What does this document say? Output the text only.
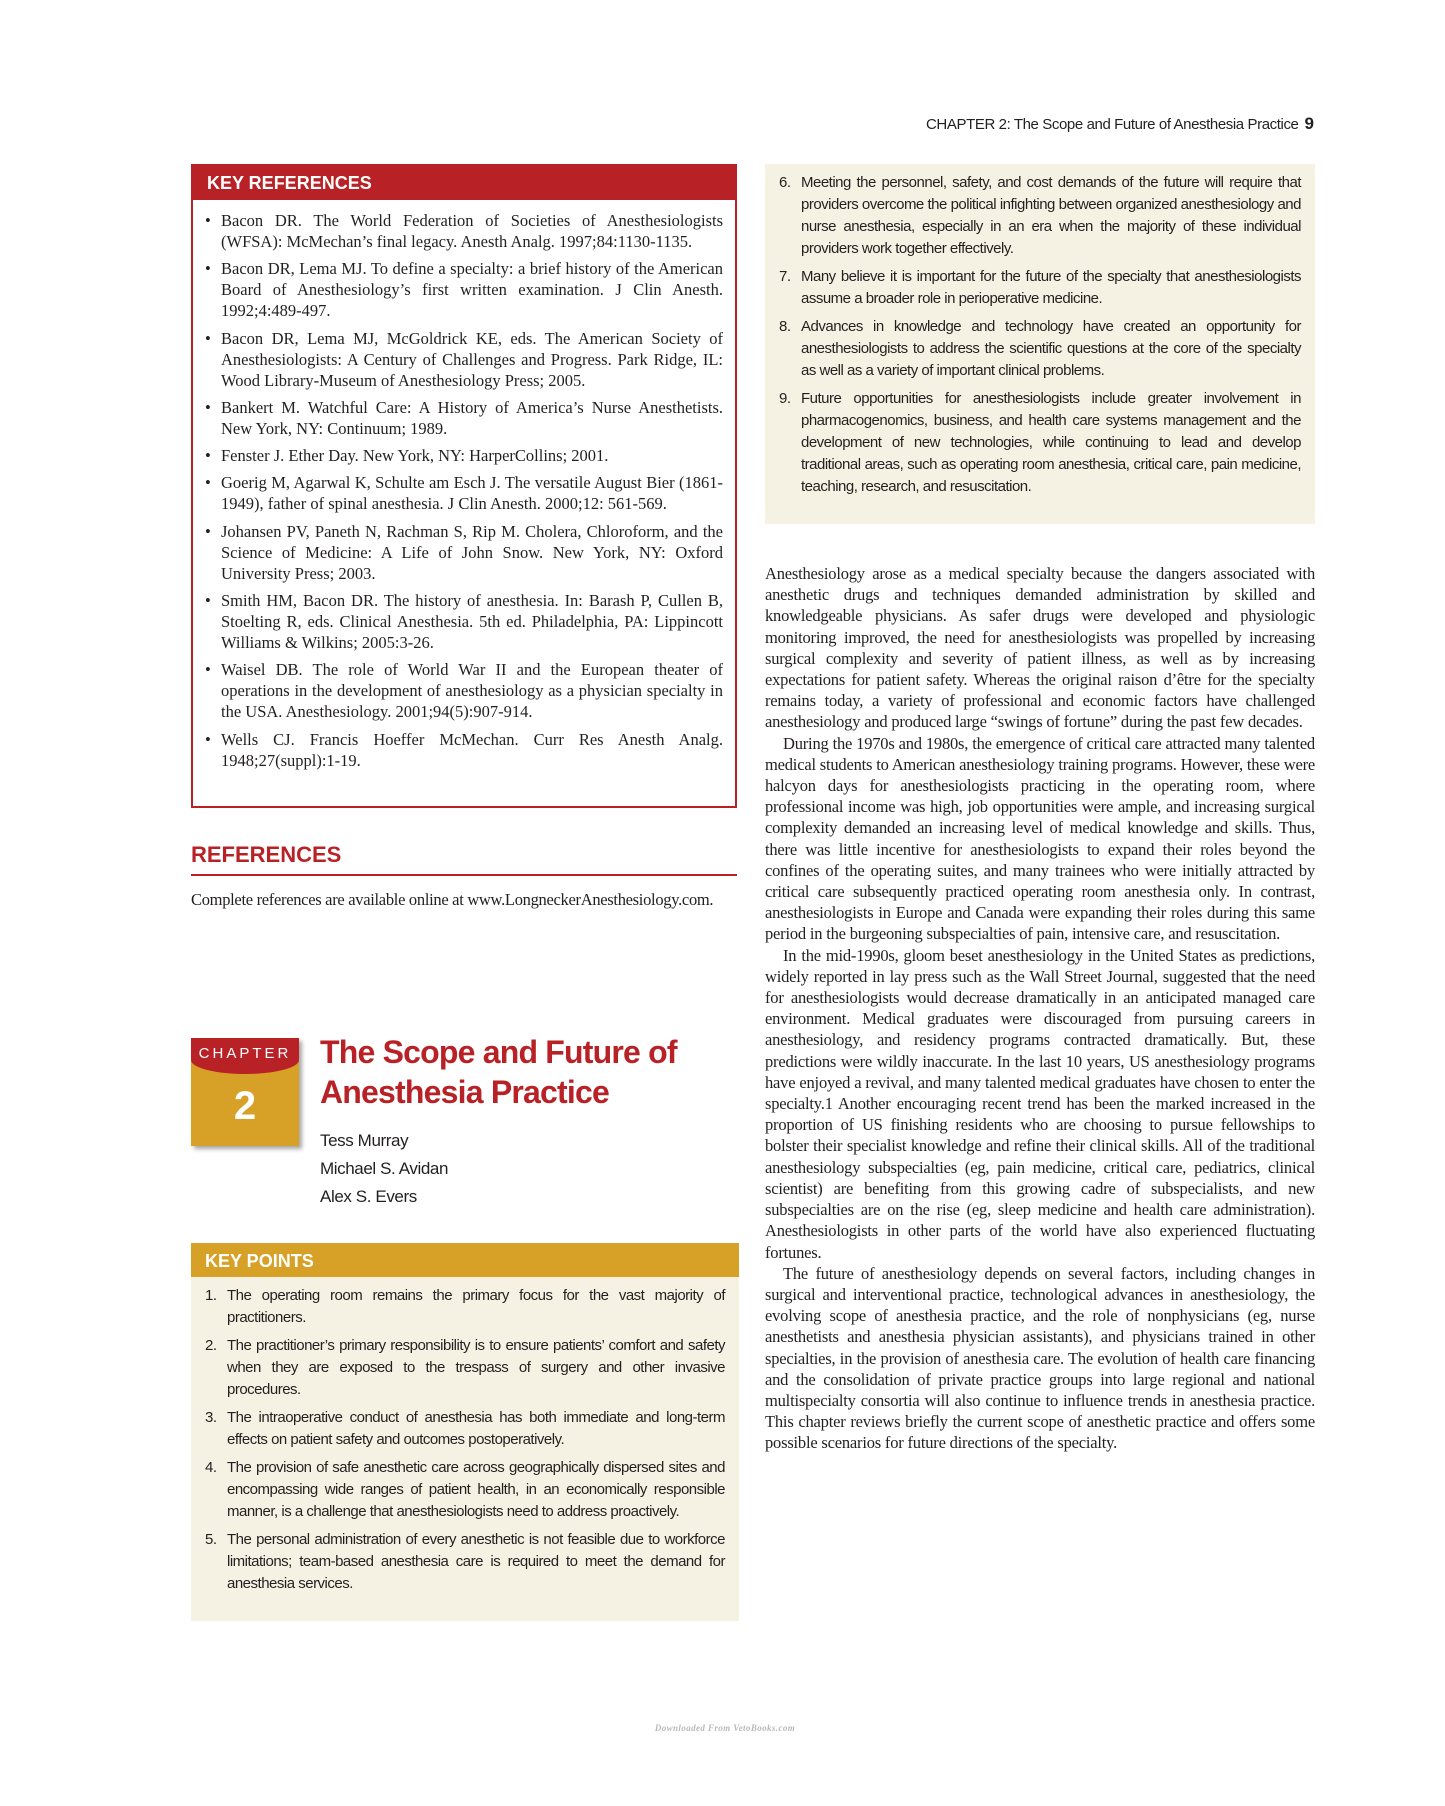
CHAPTER 2: The Scope and Future of Anesthesia Practice 9
KEY REFERENCES
• Bacon DR. The World Federation of Societies of Anesthesiologists (WFSA): McMechan’s final legacy. Anesth Analg. 1997;84:1130-1135.
• Bacon DR, Lema MJ. To define a specialty: a brief history of the American Board of Anesthesiology’s first written examination. J Clin Anesth. 1992;4:489-497.
• Bacon DR, Lema MJ, McGoldrick KE, eds. The American Society of Anesthesiologists: A Century of Challenges and Progress. Park Ridge, IL: Wood Library-Museum of Anesthesiology Press; 2005.
• Bankert M. Watchful Care: A History of America’s Nurse Anesthetists. New York, NY: Continuum; 1989.
• Fenster J. Ether Day. New York, NY: HarperCollins; 2001.
• Goerig M, Agarwal K, Schulte am Esch J. The versatile August Bier (1861-1949), father of spinal anesthesia. J Clin Anesth. 2000;12: 561-569.
• Johansen PV, Paneth N, Rachman S, Rip M. Cholera, Chloroform, and the Science of Medicine: A Life of John Snow. New York, NY: Oxford University Press; 2003.
• Smith HM, Bacon DR. The history of anesthesia. In: Barash P, Cullen B, Stoelting R, eds. Clinical Anesthesia. 5th ed. Philadelphia, PA: Lippincott Williams & Wilkins; 2005:3-26.
• Waisel DB. The role of World War II and the European theater of operations in the development of anesthesiology as a physician specialty in the USA. Anesthesiology. 2001;94(5):907-914.
• Wells CJ. Francis Hoeffer McMechan. Curr Res Anesth Analg. 1948;27(suppl):1-19.
REFERENCES
Complete references are available online at www.LongneckerAnesthesiology.com.
CHAPTER
2
The Scope and Future of
Anesthesia Practice
Tess Murray
Michael S. Avidan
Alex S. Evers
KEY POINTS
1. The operating room remains the primary focus for the vast majority of practitioners.
2. The practitioner’s primary responsibility is to ensure patients’ comfort and safety when they are exposed to the trespass of surgery and other invasive procedures.
3. The intraoperative conduct of anesthesia has both immediate and long-term effects on patient safety and outcomes postoperatively.
4. The provision of safe anesthetic care across geographically dispersed sites and encompassing wide ranges of patient health, in an economically responsible manner, is a challenge that anesthesiologists need to address proactively.
5. The personal administration of every anesthetic is not feasible due to workforce limitations; team-based anesthesia care is required to meet the demand for anesthesia services.
6. Meeting the personnel, safety, and cost demands of the future will require that providers overcome the political infighting between organized anesthesiology and nurse anesthesia, especially in an era when the majority of these individual providers work together effectively.
7. Many believe it is important for the future of the specialty that anesthesiologists assume a broader role in perioperative medicine.
8. Advances in knowledge and technology have created an opportunity for anesthesiologists to address the scientific questions at the core of the specialty as well as a variety of important clinical problems.
9. Future opportunities for anesthesiologists include greater involvement in pharmacogenomics, business, and health care systems management and the development of new technologies, while continuing to lead and develop traditional areas, such as operating room anesthesia, critical care, pain medicine, teaching, research, and resuscitation.

Anesthesiology arose as a medical specialty because the dangers associated with anesthetic drugs and techniques demanded administration by skilled and knowledgeable physicians. As safer drugs were developed and physiologic monitoring improved, the need for anesthesiologists was propelled by increasing surgical complexity and severity of patient illness, as well as by increasing expectations for patient safety. Whereas the original raison d’être for the specialty remains today, a variety of professional and economic factors have challenged anesthesiology and produced large “swings of fortune” during the past few decades.

During the 1970s and 1980s, the emergence of critical care attracted many talented medical students to American anesthesiology training programs. However, these were halcyon days for anesthesiologists practicing in the operating room, where professional income was high, job opportunities were ample, and increasing surgical complexity demanded an increasing level of medical knowledge and skills. Thus, there was little incentive for anesthesiologists to expand their roles beyond the confines of the operating suites, and many trainees who were initially attracted by critical care subsequently practiced operating room anesthesia only. In contrast, anesthesiologists in Europe and Canada were expanding their roles during this same period in the burgeoning subspecialties of pain, intensive care, and resuscitation.

In the mid-1990s, gloom beset anesthesiology in the United States as predictions, widely reported in lay press such as the Wall Street Journal, suggested that the need for anesthesiologists would decrease dramatically in an anticipated managed care environment. Medical graduates were discouraged from pursuing careers in anesthesiology, and residency programs contracted dramatically. But, these predictions were wildly inaccurate. In the last 10 years, US anesthesiology programs have enjoyed a revival, and many talented medical graduates have chosen to enter the specialty.1 Another encouraging recent trend has been the marked increased in the proportion of US finishing residents who are choosing to pursue fellowships to bolster their specialist knowledge and refine their clinical skills. All of the traditional anesthesiology subspecialties (eg, pain medicine, critical care, pediatrics, clinical scientist) are benefiting from this growing cadre of subspecialists, and new subspecialties are on the rise (eg, sleep medicine and health care administration). Anesthesiologists in other parts of the world have also experienced fluctuating fortunes.

The future of anesthesiology depends on several factors, including changes in surgical and interventional practice, technological advances in anesthesiology, the evolving scope of anesthesia practice, and the role of nonphysicians (eg, nurse anesthetists and anesthesia physician assistants), and physicians trained in other specialties, in the provision of anesthesia care. The evolution of health care financing and the consolidation of private practice groups into large regional and national multispecialty consortia will also continue to influence trends in anesthesia practice. This chapter reviews briefly the current scope of anesthetic practice and offers some possible scenarios for future directions of the specialty.

Downloaded From VetoBooks.com
